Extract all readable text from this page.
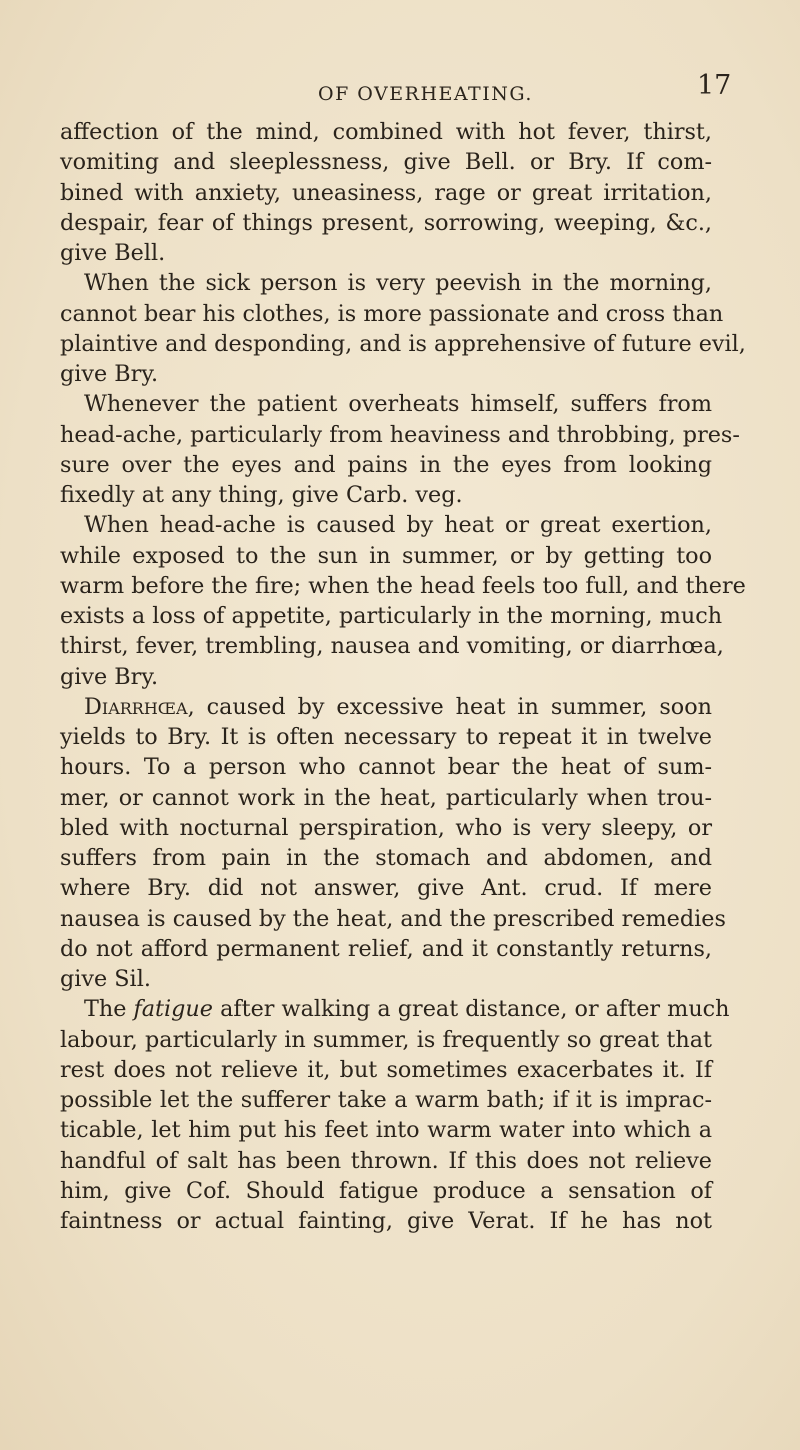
OF OVERHEATING.	17
affection of the mind, combined with hot fever, thirst,
vomiting and sleeplessness, give Bell. or Bry. If com-
bined with anxiety, uneasiness, rage or great irritation,
despair, fear of things present, sorrowing, weeping, &c.,
give Bell.
When the sick person is very peevish in the morning,
cannot bear his clothes, is more passionate and cross than
plaintive and desponding, and is apprehensive of future evil,
give Bry.
Whenever the patient overheats himself, suffers from
head-ache, particularly from heaviness and throbbing, pres-
sure over the eyes and pains in the eyes from looking
fixedly at any thing, give Carb. veg.
When head-ache is caused by heat or great exertion,
while exposed to the sun in summer, or by getting too
warm before the fire; when the head feels too full, and there
exists a loss of appetite, particularly in the morning, much
thirst, fever, trembling, nausea and vomiting, or diarrhœa,
give Bry.
Diarrhœa, caused by excessive heat in summer, soon
yields to Bry. It is often necessary to repeat it in twelve
hours. To a person who cannot bear the heat of sum-
mer, or cannot work in the heat, particularly when trou-
bled with nocturnal perspiration, who is very sleepy, or
suffers from pain in the stomach and abdomen, and
where Bry. did not answer, give Ant. crud. If mere
nausea is caused by the heat, and the prescribed remedies
do not afford permanent relief, and it constantly returns,
give Sil.
The fatigue after walking a great distance, or after much
labour, particularly in summer, is frequently so great that
rest does not relieve it, but sometimes exacerbates it. If
possible let the sufferer take a warm bath; if it is imprac-
ticable, let him put his feet into warm water into which a
handful of salt has been thrown. If this does not relieve
him, give Cof. Should fatigue produce a sensation of
faintness or actual fainting, give Verat. If he has not
